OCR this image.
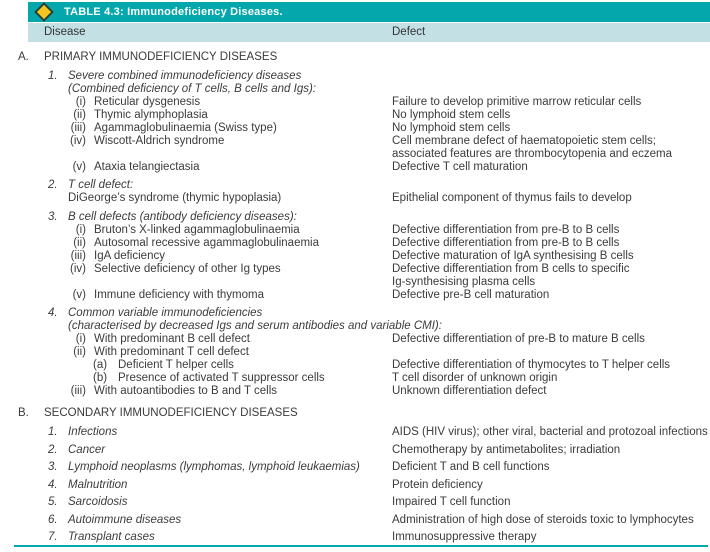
TABLE 4.3: Immunodeficiency Diseases.
Disease	Defect
A.	PRIMARY IMMUNODEFICIENCY DISEASES
1. Severe combined immunodeficiency diseases
(Combined deficiency of T cells, B cells and Igs):
(i) Reticular dysgenesis	Failure to develop primitive marrow reticular cells
(ii) Thymic alymphoplasia	No lymphoid stem cells
(iii) Agammaglobulinaemia (Swiss type)	No lymphoid stem cells
(iv) Wiscott-Aldrich syndrome	Cell membrane defect of haematopoietic stem cells;
associated features are thrombocytopenia and eczema
(v) Ataxia telangiectasia	Defective T cell maturation
2. T cell defect:
DiGeorge’s syndrome (thymic hypoplasia)	Epithelial component of thymus fails to develop
3. B cell defects (antibody deficiency diseases):
(i) Bruton’s X-linked agammaglobulinaemia	Defective differentiation from pre-B to B cells
(ii) Autosomal recessive agammaglobulinaemia	Defective differentiation from pre-B to B cells
(iii) IgA deficiency	Defective maturation of IgA synthesising B cells
(iv) Selective deficiency of other Ig types	Defective differentiation from B cells to specific
Ig-synthesising plasma cells
(v) Immune deficiency with thymoma	Defective pre-B cell maturation
4. Common variable immunodeficiencies
(characterised by decreased Igs and serum antibodies and variable CMI):
(i) With predominant B cell defect	Defective differentiation of pre-B to mature B cells
(ii) With predominant T cell defect
(a) Deficient T helper cells	Defective differentiation of thymocytes to T helper cells
(b) Presence of activated T suppressor cells	T cell disorder of unknown origin
(iii) With autoantibodies to B and T cells	Unknown differentiation defect
B.	SECONDARY IMMUNODEFICIENCY DISEASES
1. Infections	AIDS (HIV virus); other viral, bacterial and protozoal infections
2. Cancer	Chemotherapy by antimetabolites; irradiation
3. Lymphoid neoplasms (lymphomas, lymphoid leukaemias)	Deficient T and B cell functions
4. Malnutrition	Protein deficiency
5. Sarcoidosis	Impaired T cell function
6. Autoimmune diseases	Administration of high dose of steroids toxic to lymphocytes
7. Transplant cases	Immunosuppressive therapy
